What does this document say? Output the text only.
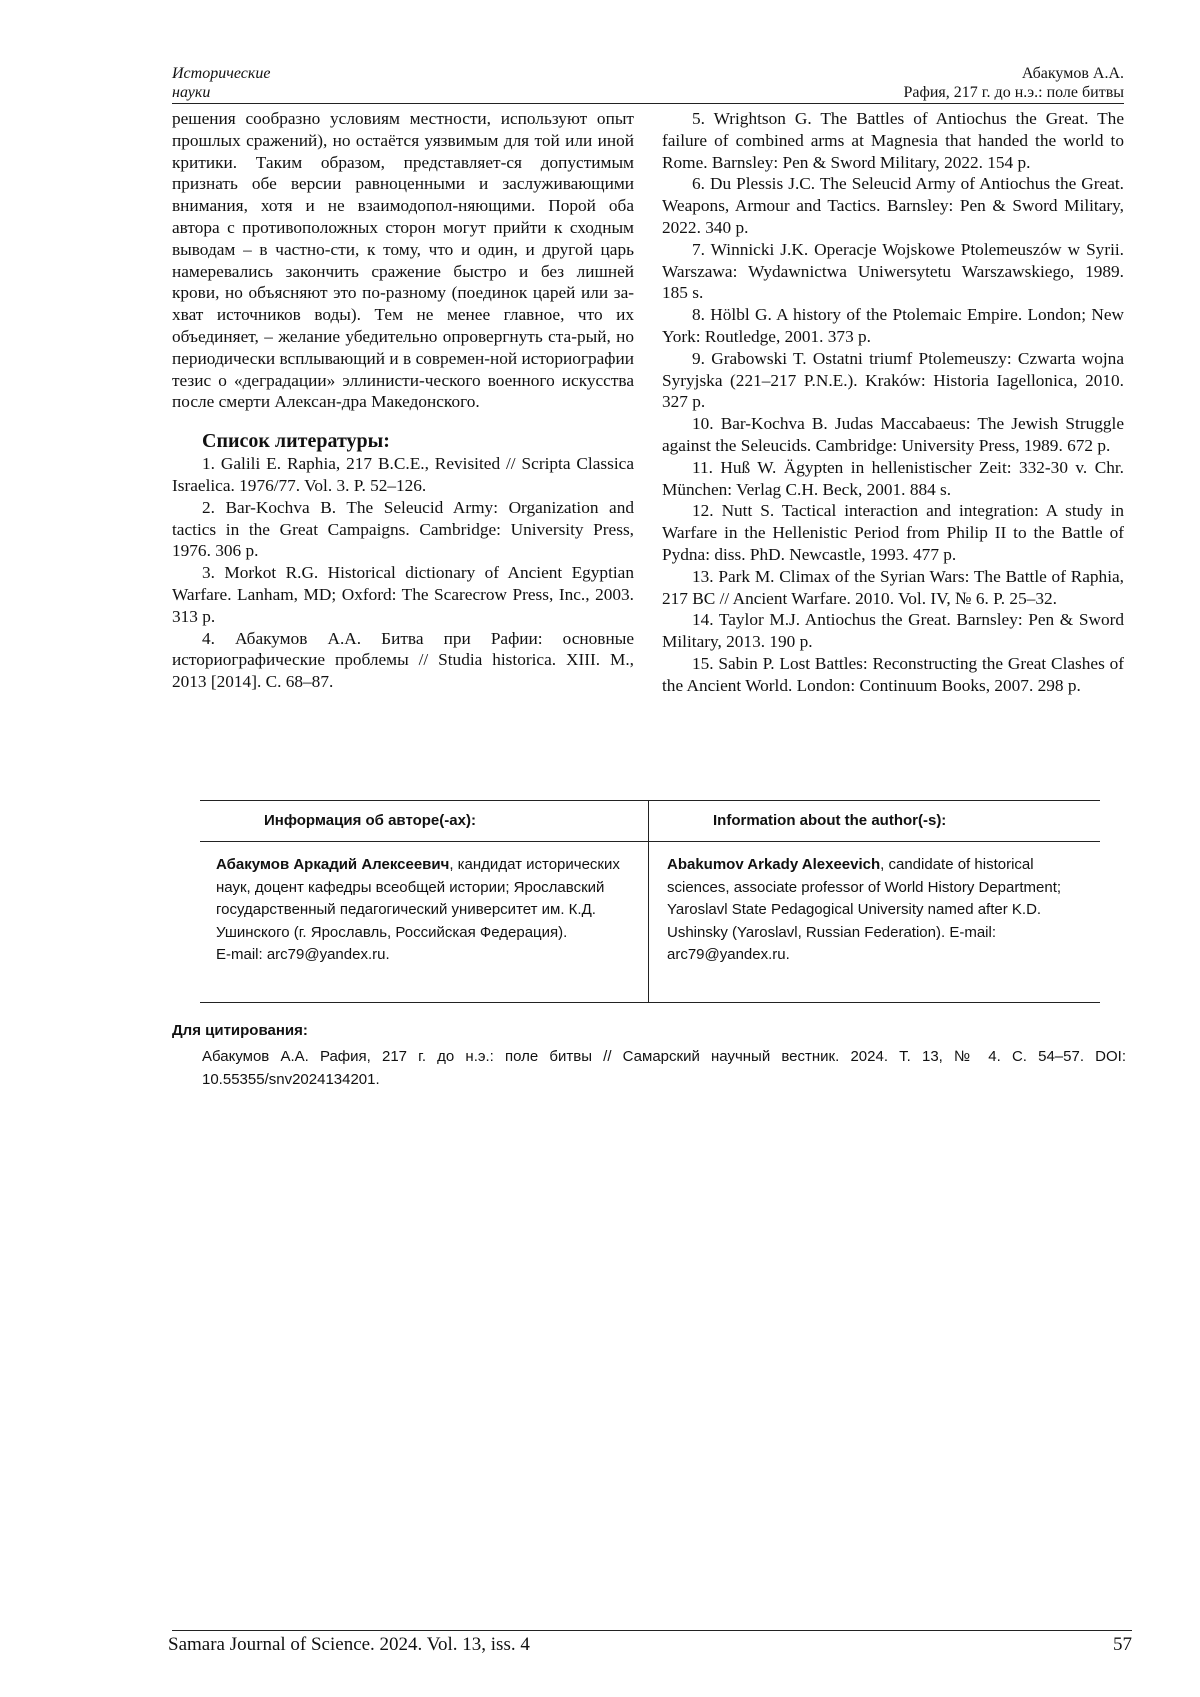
Исторические
науки
Абакумов А.А.
Рафия, 217 г. до н.э.: поле битвы

решения сообразно условиям местности, используют опыт прошлых сражений), но остаётся уязвимым для той или иной критики. Таким образом, представляет-ся допустимым признать обе версии равноценными и заслуживающими внимания, хотя и не взаимодопол-няющими. Порой оба автора с противоположных сторон могут прийти к сходным выводам – в частно-сти, к тому, что и один, и другой царь намеревались закончить сражение быстро и без лишней крови, но объясняют это по-разному (поединок царей или за-хват источников воды). Тем не менее главное, что их объединяет, – желание убедительно опровергнуть ста-рый, но периодически всплывающий и в современ-ной историографии тезис о «деградации» эллинисти-ческого военного искусства после смерти Алексан-дра Македонского.

Список литературы:

1. Galili E. Raphia, 217 B.C.E., Revisited // Scripta Classica Israelica. 1976/77. Vol. 3. P. 52–126.

2. Bar-Kochva B. The Seleucid Army: Organization and tactics in the Great Campaigns. Cambridge: University Press, 1976. 306 p.

3. Morkot R.G. Historical dictionary of Ancient Egyptian Warfare. Lanham, MD; Oxford: The Scarecrow Press, Inc., 2003. 313 p.

4. Абакумов А.А. Битва при Рафии: основные историографические проблемы // Studia historica. XIII. М., 2013 [2014]. С. 68–87.

5. Wrightson G. The Battles of Antiochus the Great. The failure of combined arms at Magnesia that handed the world to Rome. Barnsley: Pen & Sword Military, 2022. 154 p.

6. Du Plessis J.C. The Seleucid Army of Antiochus the Great. Weapons, Armour and Tactics. Barnsley: Pen & Sword Military, 2022. 340 p.

7. Winnicki J.K. Operacje Wojskowe Ptolemeuszów w Syrii. Warszawa: Wydawnictwa Uniwersytetu Warszawskiego, 1989. 185 s.

8. Hölbl G. A history of the Ptolemaic Empire. London; New York: Routledge, 2001. 373 p.

9. Grabowski T. Ostatni triumf Ptolemeuszy: Czwarta wojna Syryjska (221–217 P.N.E.). Kraków: Historia Iagellonica, 2010. 327 p.

10. Bar-Kochva B. Judas Maccabaeus: The Jewish Struggle against the Seleucids. Cambridge: University Press, 1989. 672 p.

11. Huß W. Ägypten in hellenistischer Zeit: 332-30 v. Chr. München: Verlag C.H. Beck, 2001. 884 s.

12. Nutt S. Tactical interaction and integration: A study in Warfare in the Hellenistic Period from Philip II to the Battle of Pydna: diss. PhD. Newcastle, 1993. 477 p.

13. Park M. Climax of the Syrian Wars: The Battle of Raphia, 217 BC // Ancient Warfare. 2010. Vol. IV, № 6. P. 25–32.

14. Taylor M.J. Antiochus the Great. Barnsley: Pen & Sword Military, 2013. 190 p.

15. Sabin P. Lost Battles: Reconstructing the Great Clashes of the Ancient World. London: Continuum Books, 2007. 298 p.

Информация об авторе(-ах):	Information about the author(-s):
Абакумов Аркадий Алексеевич, кандидат исторических наук, доцент кафедры всеобщей истории; Ярославский государственный педагогический университет им. К.Д. Ушинского (г. Ярославль, Российская Федерация).
E-mail: arc79@yandex.ru.
Abakumov Arkady Alexeevich, candidate of historical sciences, associate professor of World History Department; Yaroslavl State Pedagogical University named after K.D. Ushinsky (Yaroslavl, Russian Federation). E-mail: arc79@yandex.ru.
Для цитирования:
Абакумов А.А. Рафия, 217 г. до н.э.: поле битвы // Самарский научный вестник. 2024. Т. 13, № 4. С. 54–57. DOI: 10.55355/snv2024134201.
Samara Journal of Science. 2024. Vol. 13, iss. 4	57
